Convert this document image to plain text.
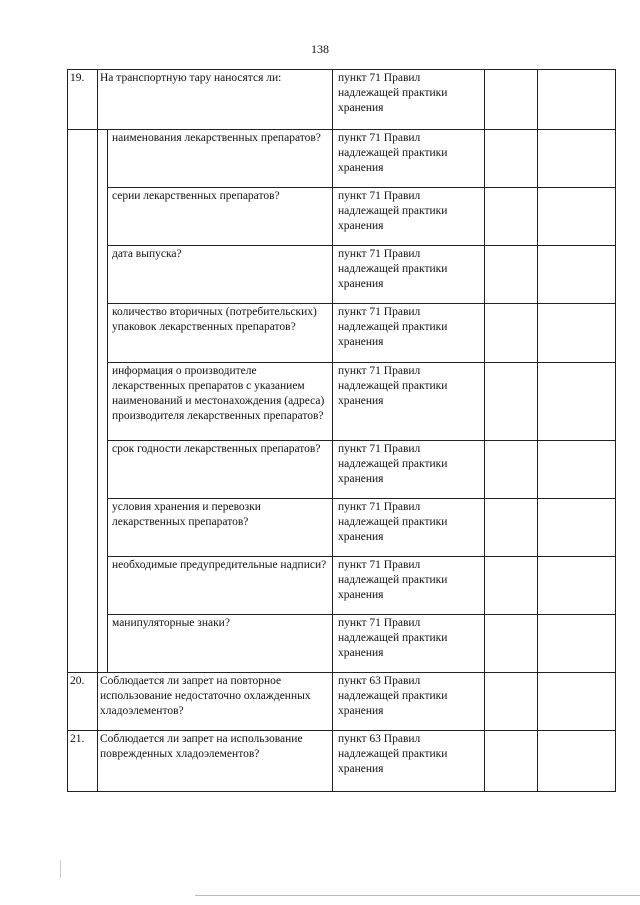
138
19.	На транспортную тару наносятся ли:		пункт 71 Правил надлежащей практики хранения		
		наименования лекарственных препаратов?	пункт 71 Правил надлежащей практики хранения		
		серии лекарственных препаратов?	пункт 71 Правил надлежащей практики хранения		
		дата выпуска?	пункт 71 Правил надлежащей практики хранения		
		количество вторичных (потребительских) упаковок лекарственных препаратов?	пункт 71 Правил надлежащей практики хранения		
		информация о производителе лекарственных препаратов с указанием наименований и местонахождения (адреса) производителя лекарственных препаратов?	пункт 71 Правил надлежащей практики хранения		
		срок годности лекарственных препаратов?	пункт 71 Правил надлежащей практики хранения		
		условия хранения и перевозки лекарственных препаратов?	пункт 71 Правил надлежащей практики хранения		
		необходимые предупредительные надписи?	пункт 71 Правил надлежащей практики хранения		
		манипуляторные знаки?	пункт 71 Правил надлежащей практики хранения		
20.	Соблюдается ли запрет на повторное использование недостаточно охлажденных хладоэлементов?		пункт 63 Правил надлежащей практики хранения		
21.	Соблюдается ли запрет на использование поврежденных хладоэлементов?		пункт 63 Правил надлежащей практики хранения		
